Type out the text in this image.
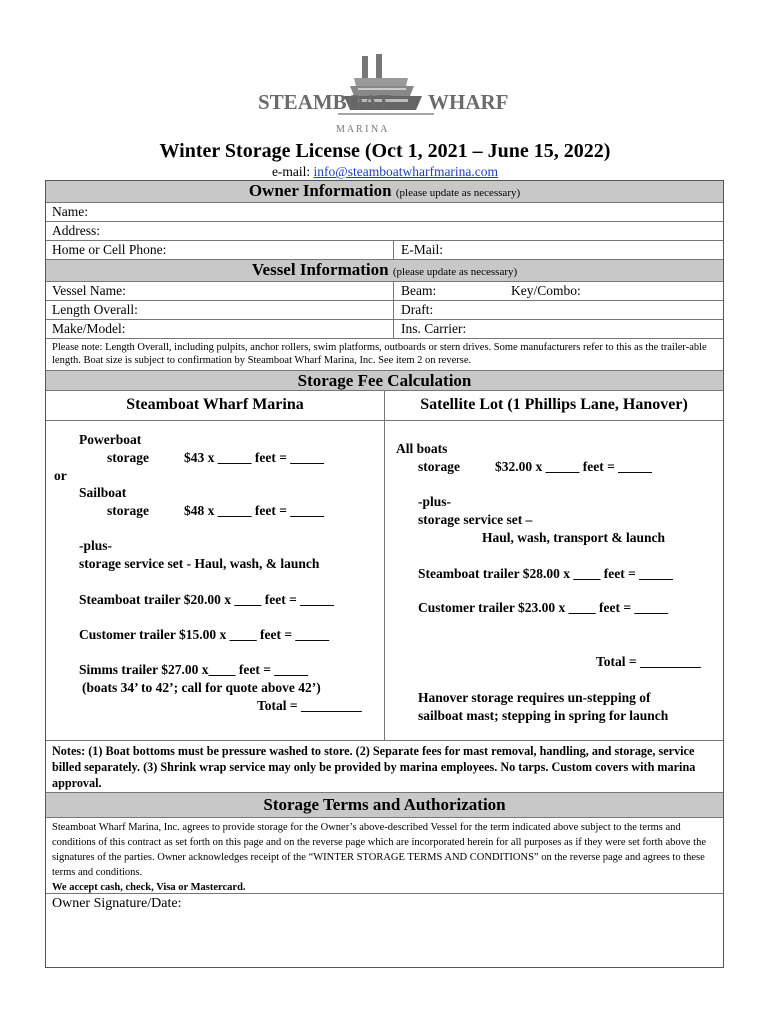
STEAMBOAT WHARF
M A R I N A
Winter Storage License (Oct 1, 2021 – June 15, 2022)
e-mail: info@steamboatwharfmarina.com
Owner Information (please update as necessary)
Name:
Address:
Home or Cell Phone:	E-Mail:
Vessel Information (please update as necessary)
Vessel Name:	Beam:	Key/Combo:
Length Overall:	Draft:
Make/Model:	Ins. Carrier:
Please note: Length Overall, including pulpits, anchor rollers, swim platforms, outboards or stern drives. Some manufacturers refer to this as the trailer-able length. Boat size is subject to confirmation by Steamboat Wharf Marina, Inc. See item 2 on reverse.
Storage Fee Calculation
Steamboat Wharf Marina	Satellite Lot (1 Phillips Lane, Hanover)
Powerboat
storage	$43 x _____ feet = _____
or
Sailboat
storage	$48 x _____ feet = _____
-plus-
storage service set - Haul, wash, & launch
Steamboat trailer $20.00 x ____ feet = _____
Customer trailer $15.00 x ____ feet = _____
Simms trailer $27.00 x____ feet = _____
(boats 34’ to 42’; call for quote above 42’)
Total = _________
All boats
storage	$32.00 x _____ feet = _____
-plus-
storage service set –
Haul, wash, transport & launch
Steamboat trailer $28.00 x ____ feet = _____
Customer trailer $23.00 x ____ feet = _____
Total = _________
Hanover storage requires un-stepping of
sailboat mast; stepping in spring for launch
Notes: (1) Boat bottoms must be pressure washed to store. (2) Separate fees for mast removal, handling, and storage, service billed separately. (3) Shrink wrap service may only be provided by marina employees. No tarps. Custom covers with marina approval.
Storage Terms and Authorization
Steamboat Wharf Marina, Inc. agrees to provide storage for the Owner’s above-described Vessel for the term indicated above subject to the terms and conditions of this contract as set forth on this page and on the reverse page which are incorporated herein for all purposes as if they were set forth above the signatures of the parties. Owner acknowledges receipt of the “WINTER STORAGE TERMS AND CONDITIONS” on the reverse page and agrees to these terms and conditions.
We accept cash, check, Visa or Mastercard.
Owner Signature/Date:
